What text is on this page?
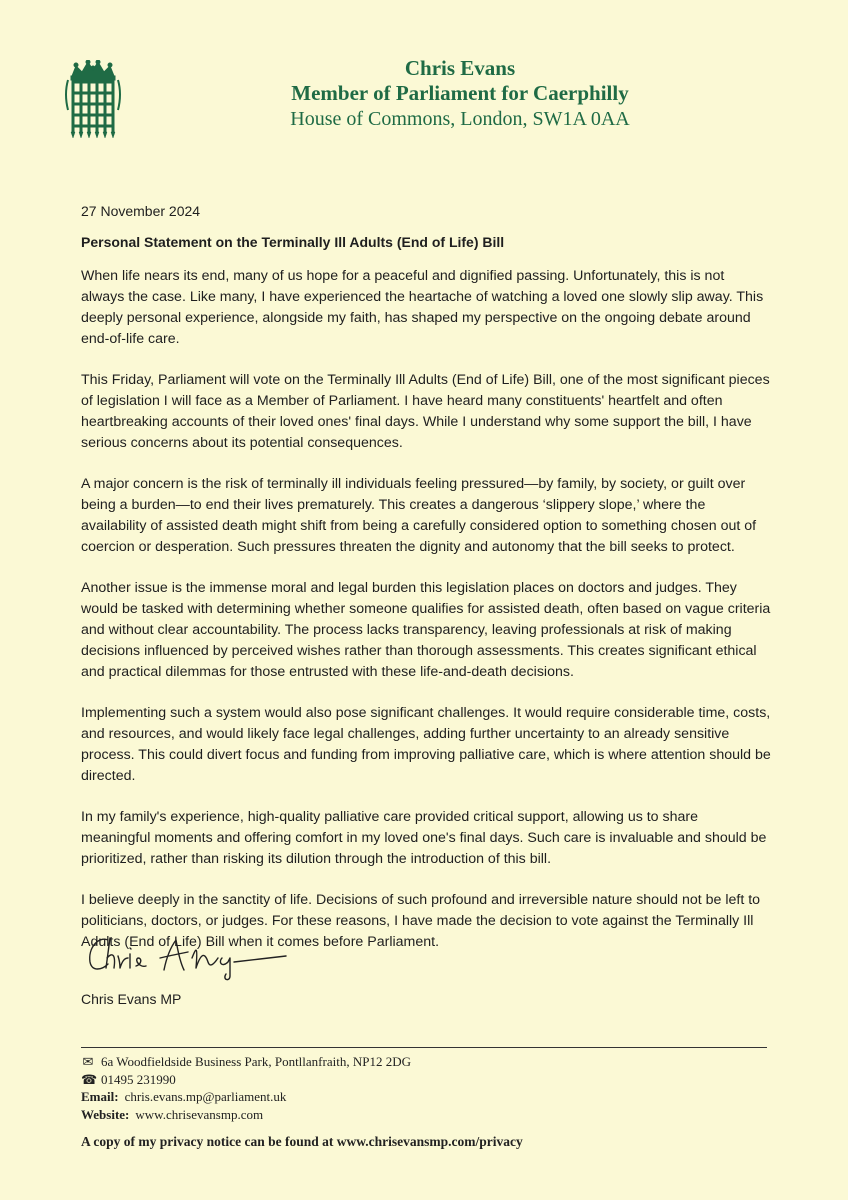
Chris Evans
Member of Parliament for Caerphilly
House of Commons, London, SW1A 0AA
27 November 2024
Personal Statement on the Terminally Ill Adults (End of Life) Bill

When life nears its end, many of us hope for a peaceful and dignified passing. Unfortunately, this is not always the case. Like many, I have experienced the heartache of watching a loved one slowly slip away. This deeply personal experience, alongside my faith, has shaped my perspective on the ongoing debate around end-of-life care.

This Friday, Parliament will vote on the Terminally Ill Adults (End of Life) Bill, one of the most significant pieces of legislation I will face as a Member of Parliament. I have heard many constituents' heartfelt and often heartbreaking accounts of their loved ones' final days. While I understand why some support the bill, I have serious concerns about its potential consequences.

A major concern is the risk of terminally ill individuals feeling pressured—by family, by society, or guilt over being a burden—to end their lives prematurely. This creates a dangerous ‘slippery slope,’ where the availability of assisted death might shift from being a carefully considered option to something chosen out of coercion or desperation. Such pressures threaten the dignity and autonomy that the bill seeks to protect.

Another issue is the immense moral and legal burden this legislation places on doctors and judges. They would be tasked with determining whether someone qualifies for assisted death, often based on vague criteria and without clear accountability. The process lacks transparency, leaving professionals at risk of making decisions influenced by perceived wishes rather than thorough assessments. This creates significant ethical and practical dilemmas for those entrusted with these life-and-death decisions.

Implementing such a system would also pose significant challenges. It would require considerable time, costs, and resources, and would likely face legal challenges, adding further uncertainty to an already sensitive process. This could divert focus and funding from improving palliative care, which is where attention should be directed.

In my family's experience, high-quality palliative care provided critical support, allowing us to share meaningful moments and offering comfort in my loved one's final days. Such care is invaluable and should be prioritized, rather than risking its dilution through the introduction of this bill.

I believe deeply in the sanctity of life. Decisions of such profound and irreversible nature should not be left to politicians, doctors, or judges. For these reasons, I have made the decision to vote against the Terminally Ill Adults (End of Life) Bill when it comes before Parliament.

Chris Evans MP
✉ 6a Woodfieldside Business Park, Pontllanfraith, NP12 2DG
☎ 01495 231990
Email: chris.evans.mp@parliament.uk
Website: www.chrisevansmp.com
A copy of my privacy notice can be found at www.chrisevansmp.com/privacy
